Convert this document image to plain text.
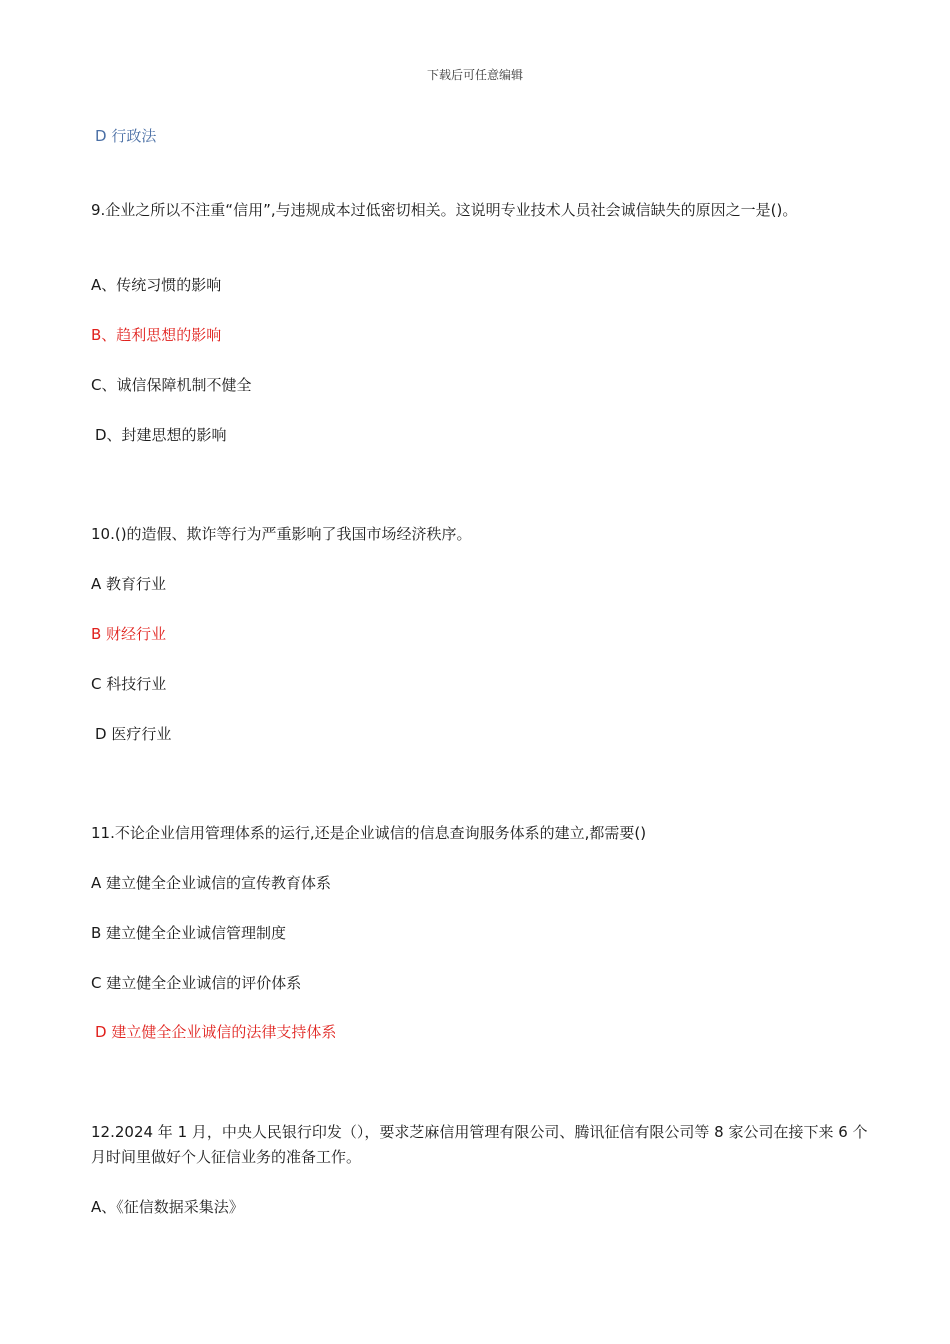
下载后可任意编辑
D 行政法
9.企业之所以不注重“信用”,与违规成本过低密切相关。这说明专业技术人员社会诚信缺失的原因之一是()。
A、传统习惯的影响
B、趋利思想的影响
C、诚信保障机制不健全
D、封建思想的影响
10.()的造假、欺诈等行为严重影响了我国市场经济秩序。
A 教育行业
B 财经行业
C 科技行业
D 医疗行业
11.不论企业信用管理体系的运行,还是企业诚信的信息查询服务体系的建立,都需要()
A 建立健全企业诚信的宣传教育体系
B 建立健全企业诚信管理制度
C 建立健全企业诚信的评价体系
D 建立健全企业诚信的法律支持体系
12.2024 年 1 月，中央人民银行印发（），要求芝麻信用管理有限公司、腾讯征信有限公司等 8 家公司在接下来 6 个月时间里做好个人征信业务的准备工作。
A、《征信数据采集法》
